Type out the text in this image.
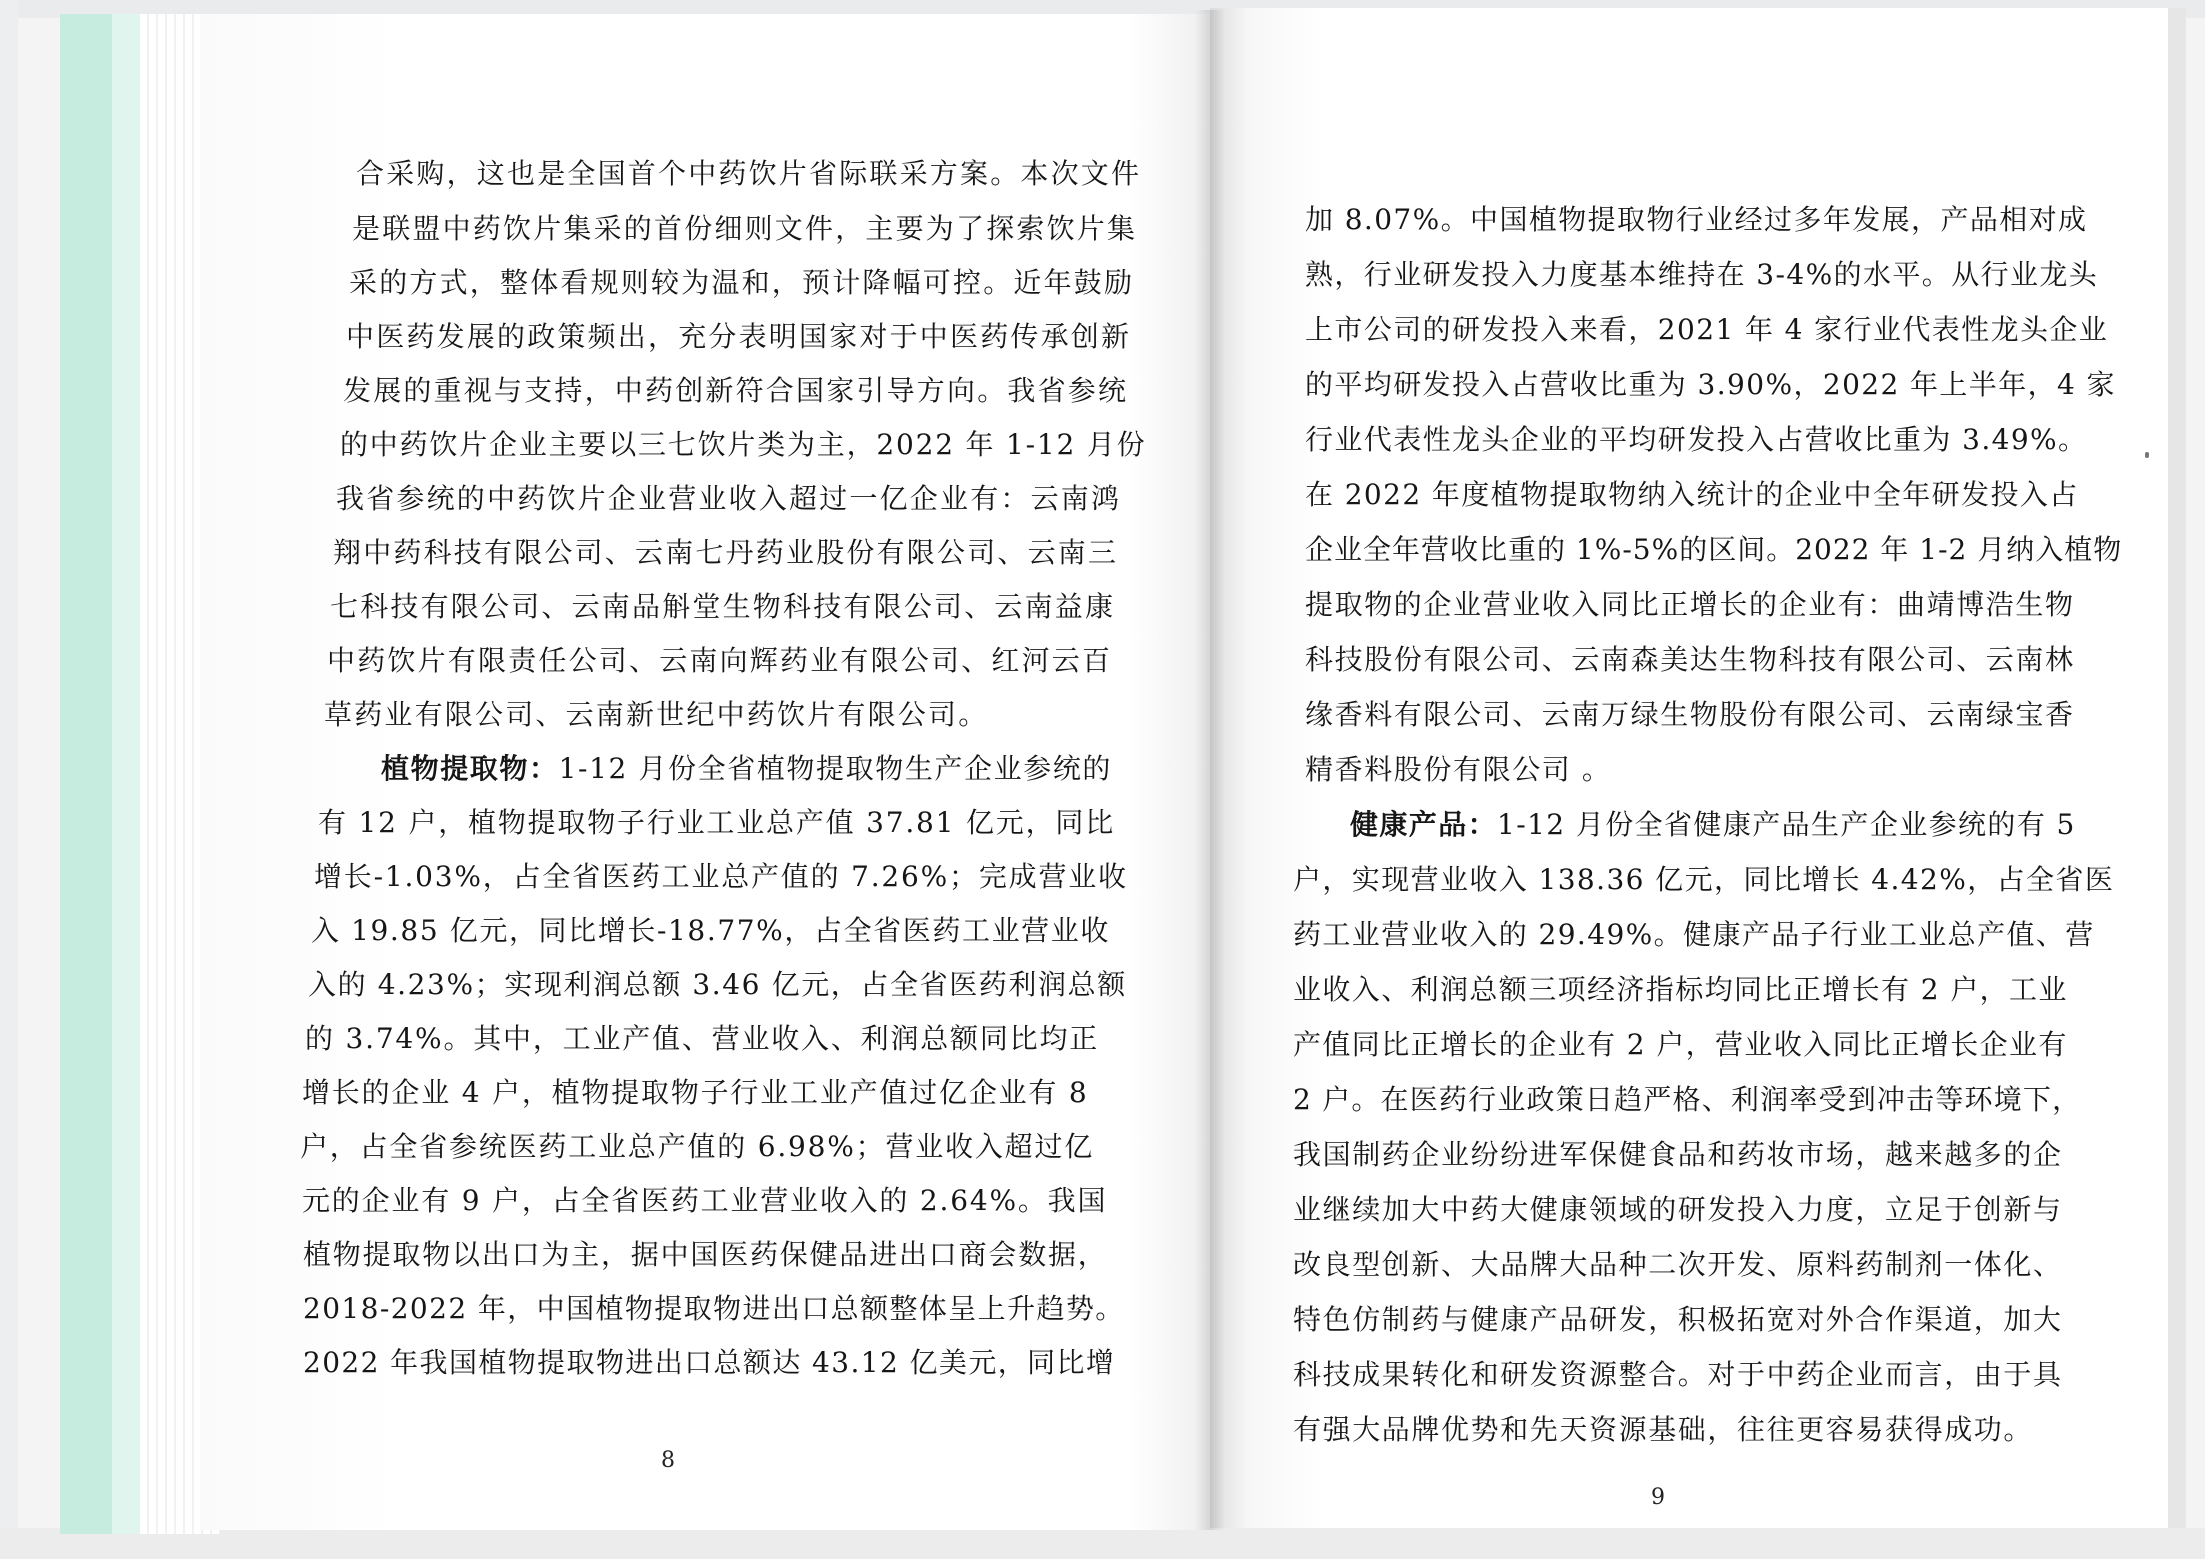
合采购，这也是全国首个中药饮片省际联采方案。本次文件
是联盟中药饮片集采的首份细则文件，主要为了探索饮片集
采的方式，整体看规则较为温和，预计降幅可控。近年鼓励
中医药发展的政策频出，充分表明国家对于中医药传承创新
发展的重视与支持，中药创新符合国家引导方向。我省参统
的中药饮片企业主要以三七饮片类为主，2022 年 1-12 月份
我省参统的中药饮片企业营业收入超过一亿企业有：云南鸿
翔中药科技有限公司、云南七丹药业股份有限公司、云南三
七科技有限公司、云南品斛堂生物科技有限公司、云南益康
中药饮片有限责任公司、云南向辉药业有限公司、红河云百
草药业有限公司、云南新世纪中药饮片有限公司。
植物提取物：1-12 月份全省植物提取物生产企业参统的
有 12 户，植物提取物子行业工业总产值 37.81 亿元，同比
增长-1.03%，占全省医药工业总产值的 7.26%；完成营业收
入 19.85 亿元，同比增长-18.77%，占全省医药工业营业收
入的 4.23%；实现利润总额 3.46 亿元，占全省医药利润总额
的 3.74%。其中，工业产值、营业收入、利润总额同比均正
增长的企业 4 户，植物提取物子行业工业产值过亿企业有 8
户，占全省参统医药工业总产值的 6.98%；营业收入超过亿
元的企业有 9 户，占全省医药工业营业收入的 2.64%。我国
植物提取物以出口为主，据中国医药保健品进出口商会数据，
2018-2022 年，中国植物提取物进出口总额整体呈上升趋势。
2022 年我国植物提取物进出口总额达 43.12 亿美元，同比增
8
加 8.07%。中国植物提取物行业经过多年发展，产品相对成
熟，行业研发投入力度基本维持在 3-4%的水平。从行业龙头
上市公司的研发投入来看，2021 年 4 家行业代表性龙头企业
的平均研发投入占营收比重为 3.90%，2022 年上半年，4 家
行业代表性龙头企业的平均研发投入占营收比重为 3.49%。
在 2022 年度植物提取物纳入统计的企业中全年研发投入占
企业全年营收比重的 1%-5%的区间。2022 年 1-2 月纳入植物
提取物的企业营业收入同比正增长的企业有：曲靖博浩生物
科技股份有限公司、云南森美达生物科技有限公司、云南林
缘香料有限公司、云南万绿生物股份有限公司、云南绿宝香
精香料股份有限公司 。
健康产品：1-12 月份全省健康产品生产企业参统的有 5
户，实现营业收入 138.36 亿元，同比增长 4.42%，占全省医
药工业营业收入的 29.49%。健康产品子行业工业总产值、营
业收入、利润总额三项经济指标均同比正增长有 2 户，工业
产值同比正增长的企业有 2 户，营业收入同比正增长企业有
2 户。在医药行业政策日趋严格、利润率受到冲击等环境下，
我国制药企业纷纷进军保健食品和药妆市场，越来越多的企
业继续加大中药大健康领域的研发投入力度，立足于创新与
改良型创新、大品牌大品种二次开发、原料药制剂一体化、
特色仿制药与健康产品研发，积极拓宽对外合作渠道，加大
科技成果转化和研发资源整合。对于中药企业而言，由于具
有强大品牌优势和先天资源基础，往往更容易获得成功。
9
